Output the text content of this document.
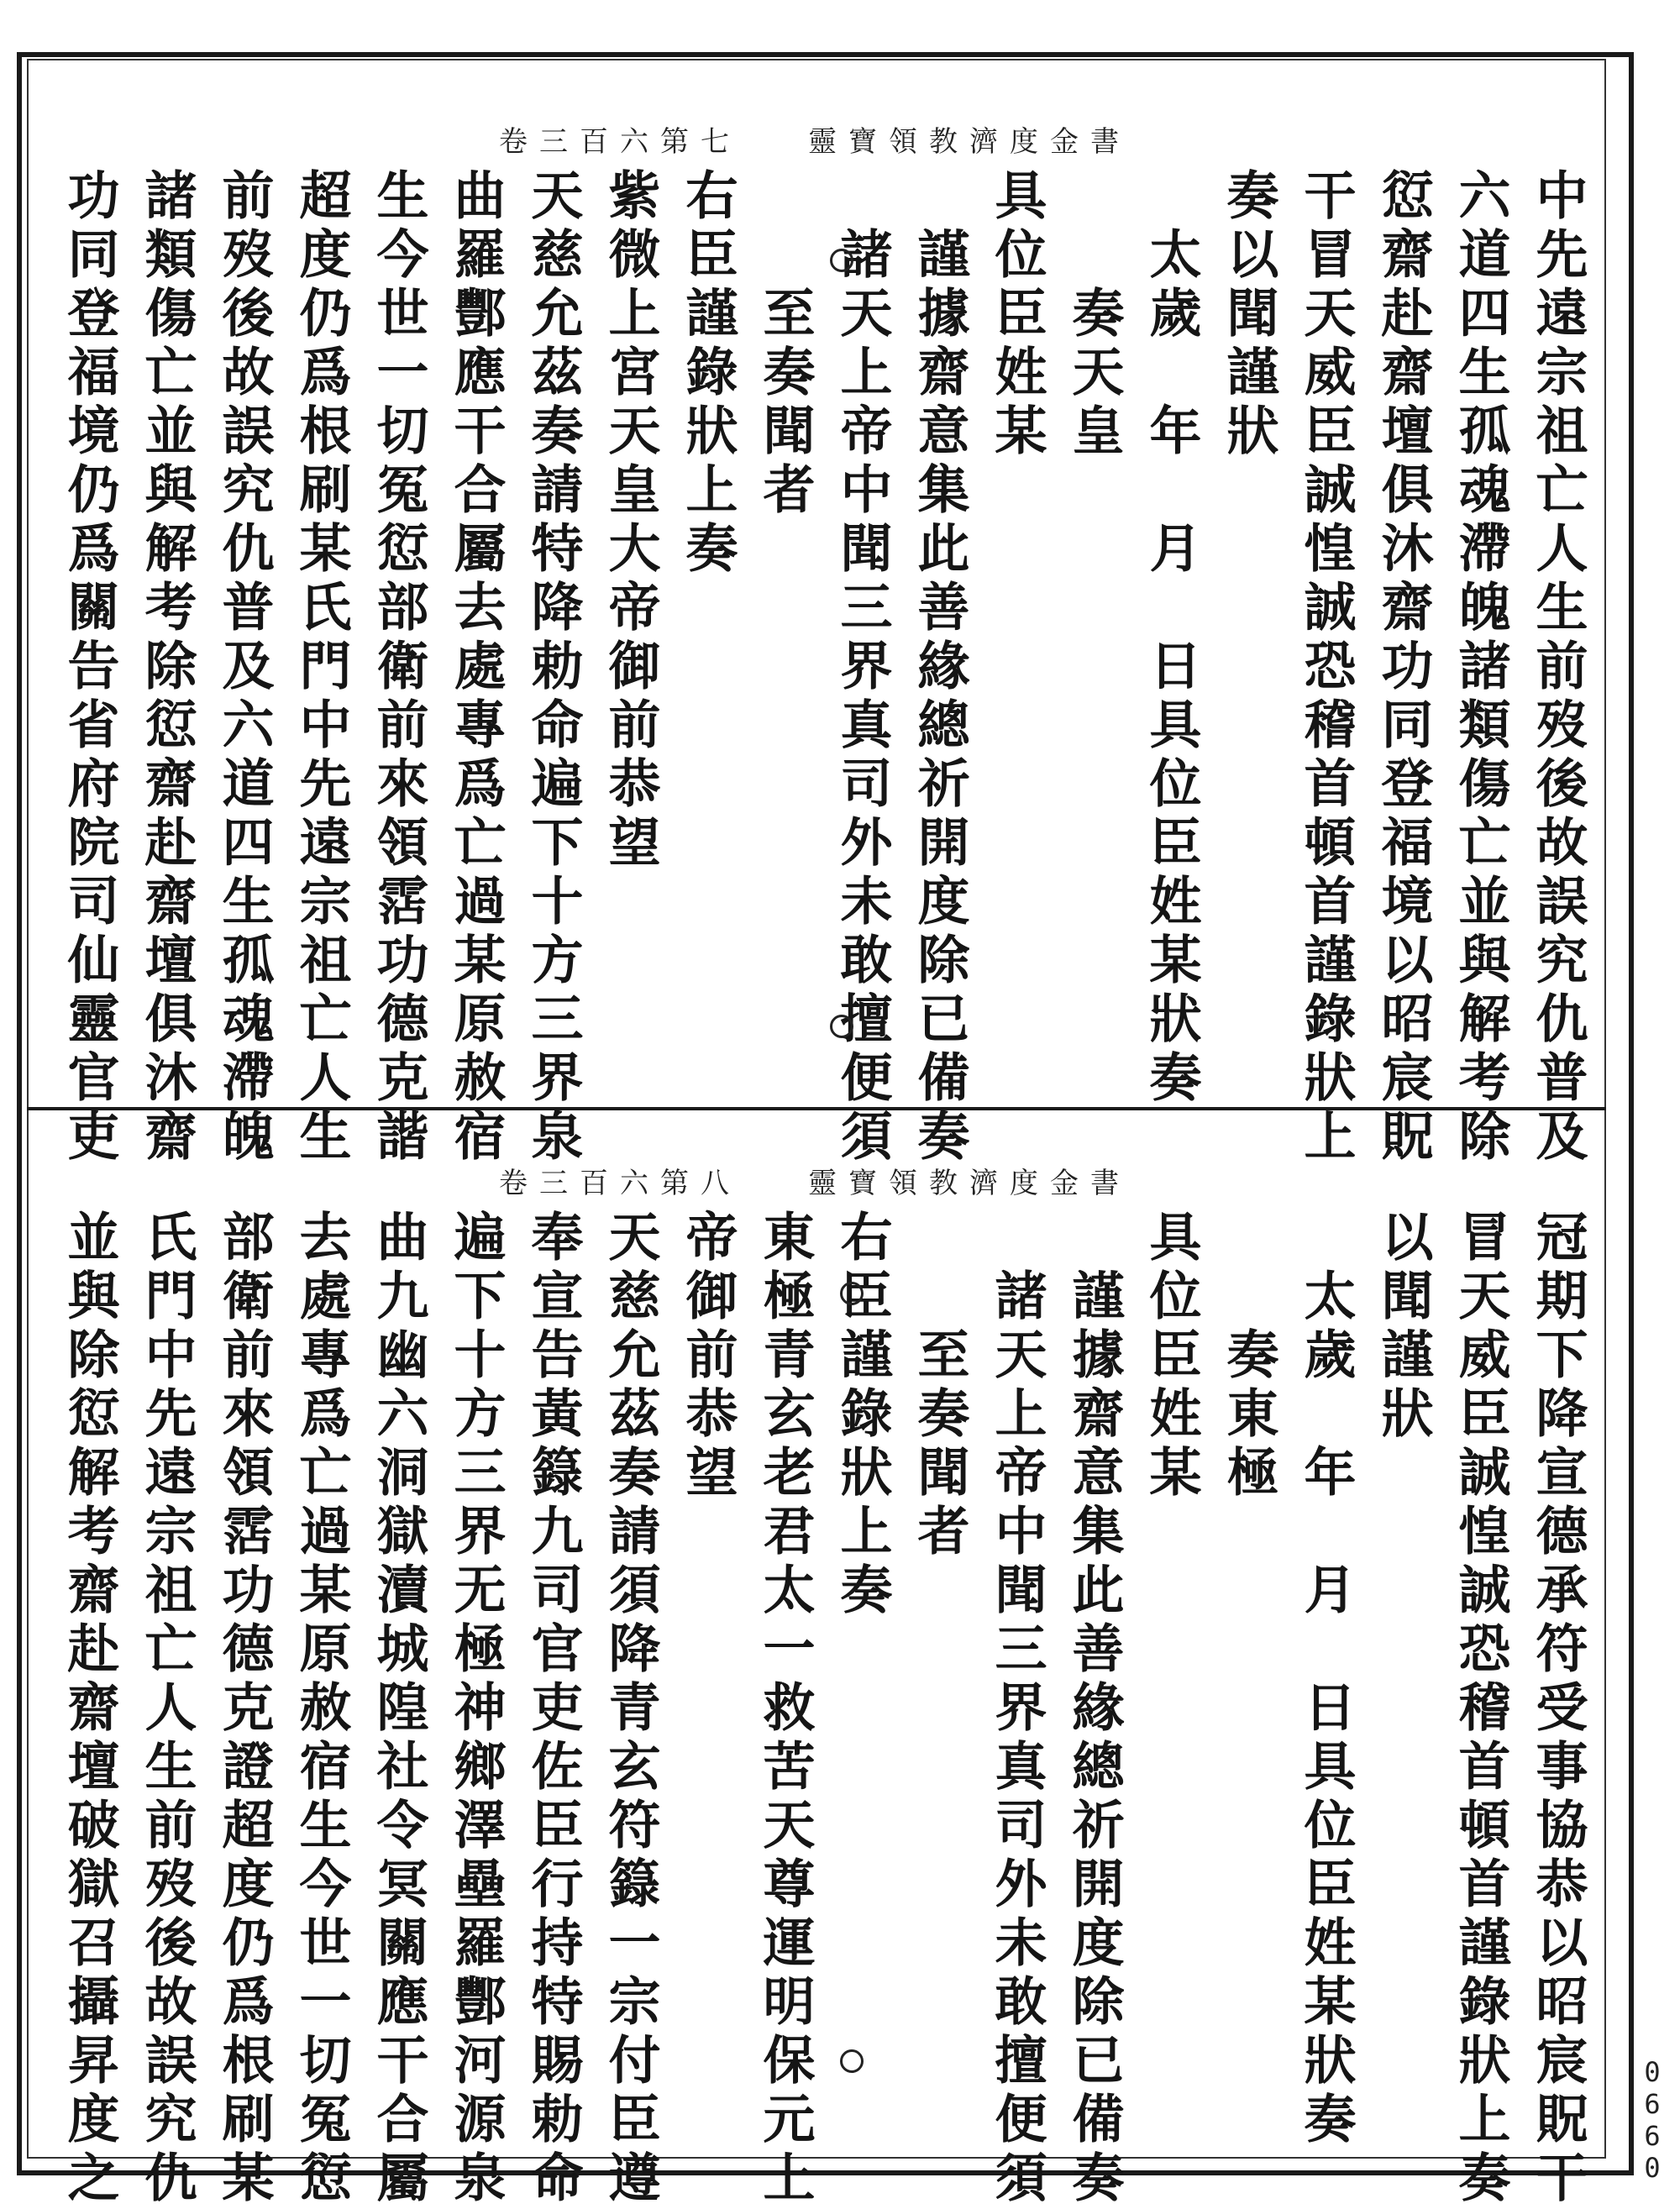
卷三百六第七 靈寶領教濟度金書
中先遠宗祖亡人生前歿後故誤究仇普及
六道四生孤魂滯魄諸類傷亡並與解考除
愆齋赴齋壇俱沐齋功同登福境以昭宸貺
干冒天威臣誠惶誠恐稽首頓首謹錄狀上
奏以聞謹狀
　太歲　年　月　日具位臣姓某狀奏
　　奏天皇
具位臣姓某
　謹據齋意集此善緣總祈開度除已備奏
　諸天上帝中聞三界真司外未敢擅便須
　　至奏聞者
右臣謹錄狀上奏
紫微上宮天皇大帝御前恭望
天慈允茲奏請特降勅命遍下十方三界泉
曲羅酆應干合屬去處專爲亡過某原赦宿
生今世一切冤愆部衛前來領霑功德克諧
超度仍爲根刷某氏門中先遠宗祖亡人生
前歿後故誤究仇普及六道四生孤魂滯魄
諸類傷亡並與解考除愆齋赴齋壇俱沐齋
功同登福境仍爲關告省府院司仙靈官吏
卷三百六第八 靈寶領教濟度金書
冠期下降宣德承符受事協恭以昭宸貺干
冒天威臣誠惶誠恐稽首頓首謹錄狀上奏
以聞謹狀
　太歲　年　月　日具位臣姓某狀奏
　　奏東極
具位臣姓某
　謹據齋意集此善緣總祈開度除已備奏
　諸天上帝中聞三界真司外未敢擅便須
　　至奏聞者
右臣謹錄狀上奏
東極青玄老君太一救苦天尊運明保元上
帝御前恭望
天慈允茲奏請須降青玄符籙一宗付臣遵
奉宣告黃籙九司官吏佐臣行持特賜勅命
遍下十方三界无極神鄉澤壘羅酆河源泉
曲九幽六洞獄瀆城隍社令冥關應干合屬
去處專爲亡過某原赦宿生今世一切冤愆
部衛前來領霑功德克證超度仍爲根刷某
氏門中先遠宗祖亡人生前歿後故誤究仇
並與除愆解考齋赴齋壇破獄召攝昇度之	0660
